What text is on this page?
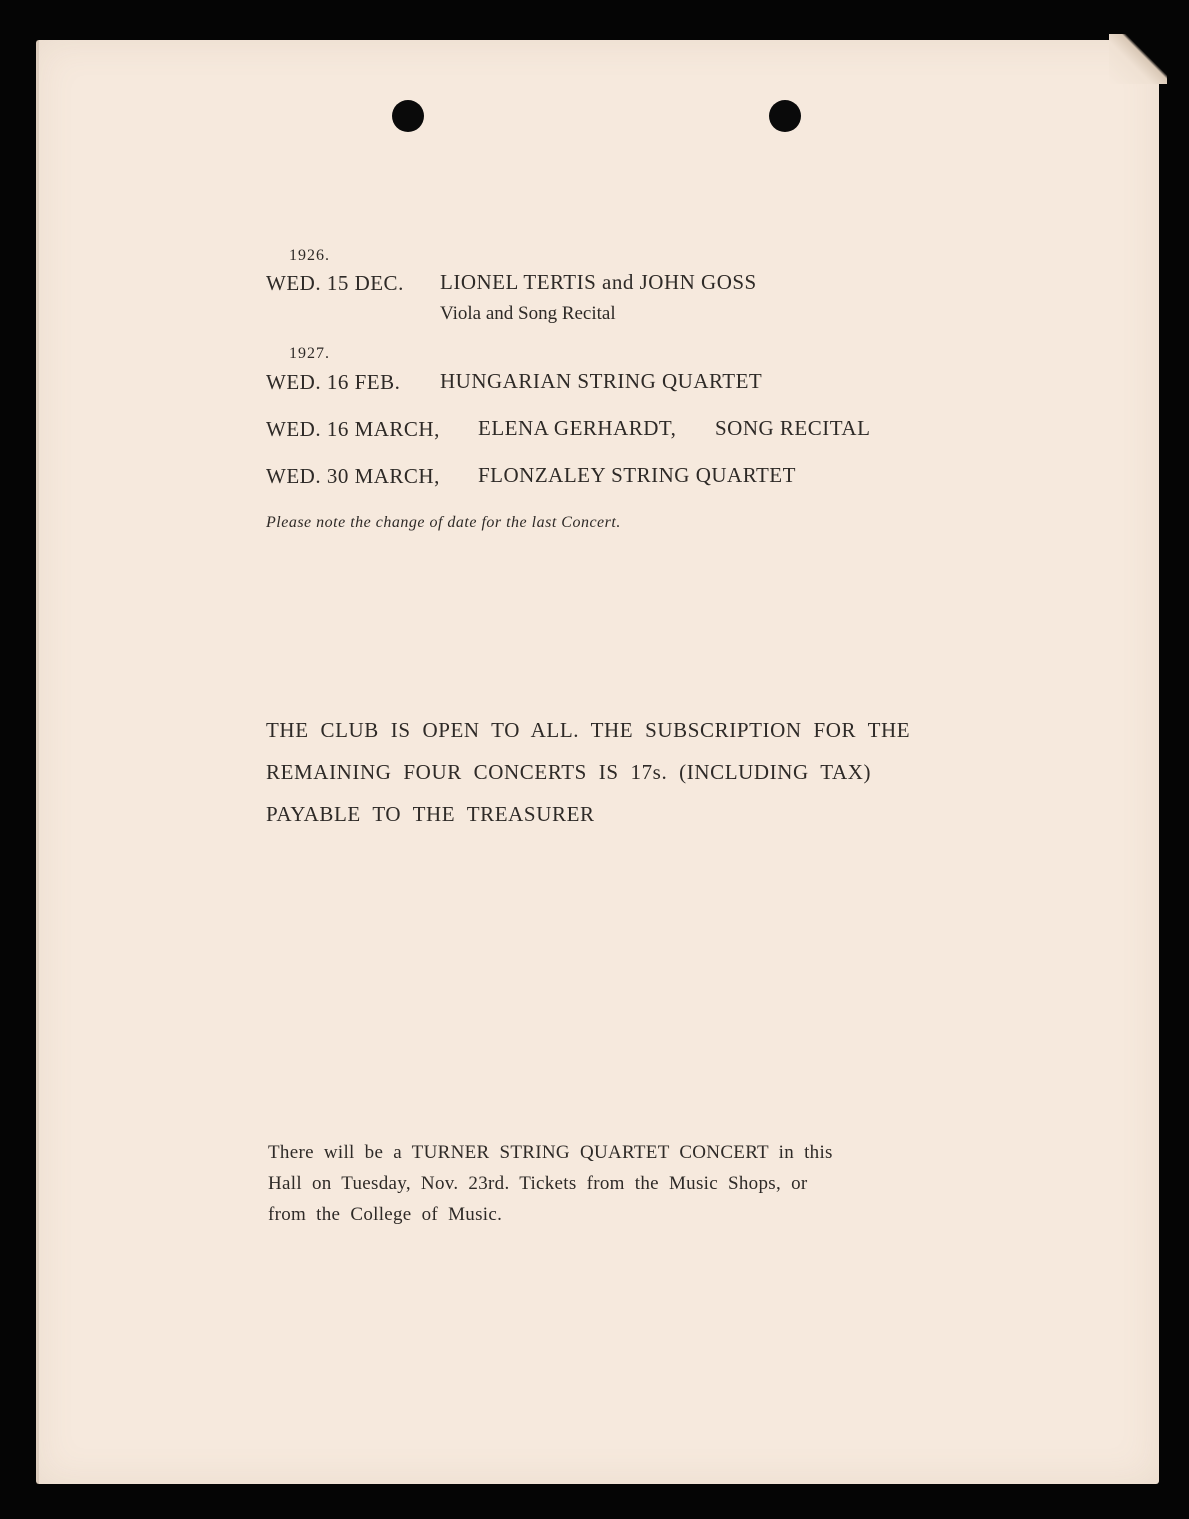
1926.
WED. 15 DEC. LIONEL TERTIS and JOHN GOSS
Viola and Song Recital
1927.
WED. 16 FEB. HUNGARIAN STRING QUARTET
WED. 16 MARCH, ELENA GERHARDT, SONG RECITAL
WED. 30 MARCH, FLONZALEY STRING QUARTET
Please note the change of date for the last Concert.
THE CLUB IS OPEN TO ALL. THE SUBSCRIPTION FOR THE
REMAINING FOUR CONCERTS IS 17s. (INCLUDING TAX)
PAYABLE TO THE TREASURER
There will be a TURNER STRING QUARTET CONCERT in this
Hall on Tuesday, Nov. 23rd. Tickets from the Music Shops, or
from the College of Music.
